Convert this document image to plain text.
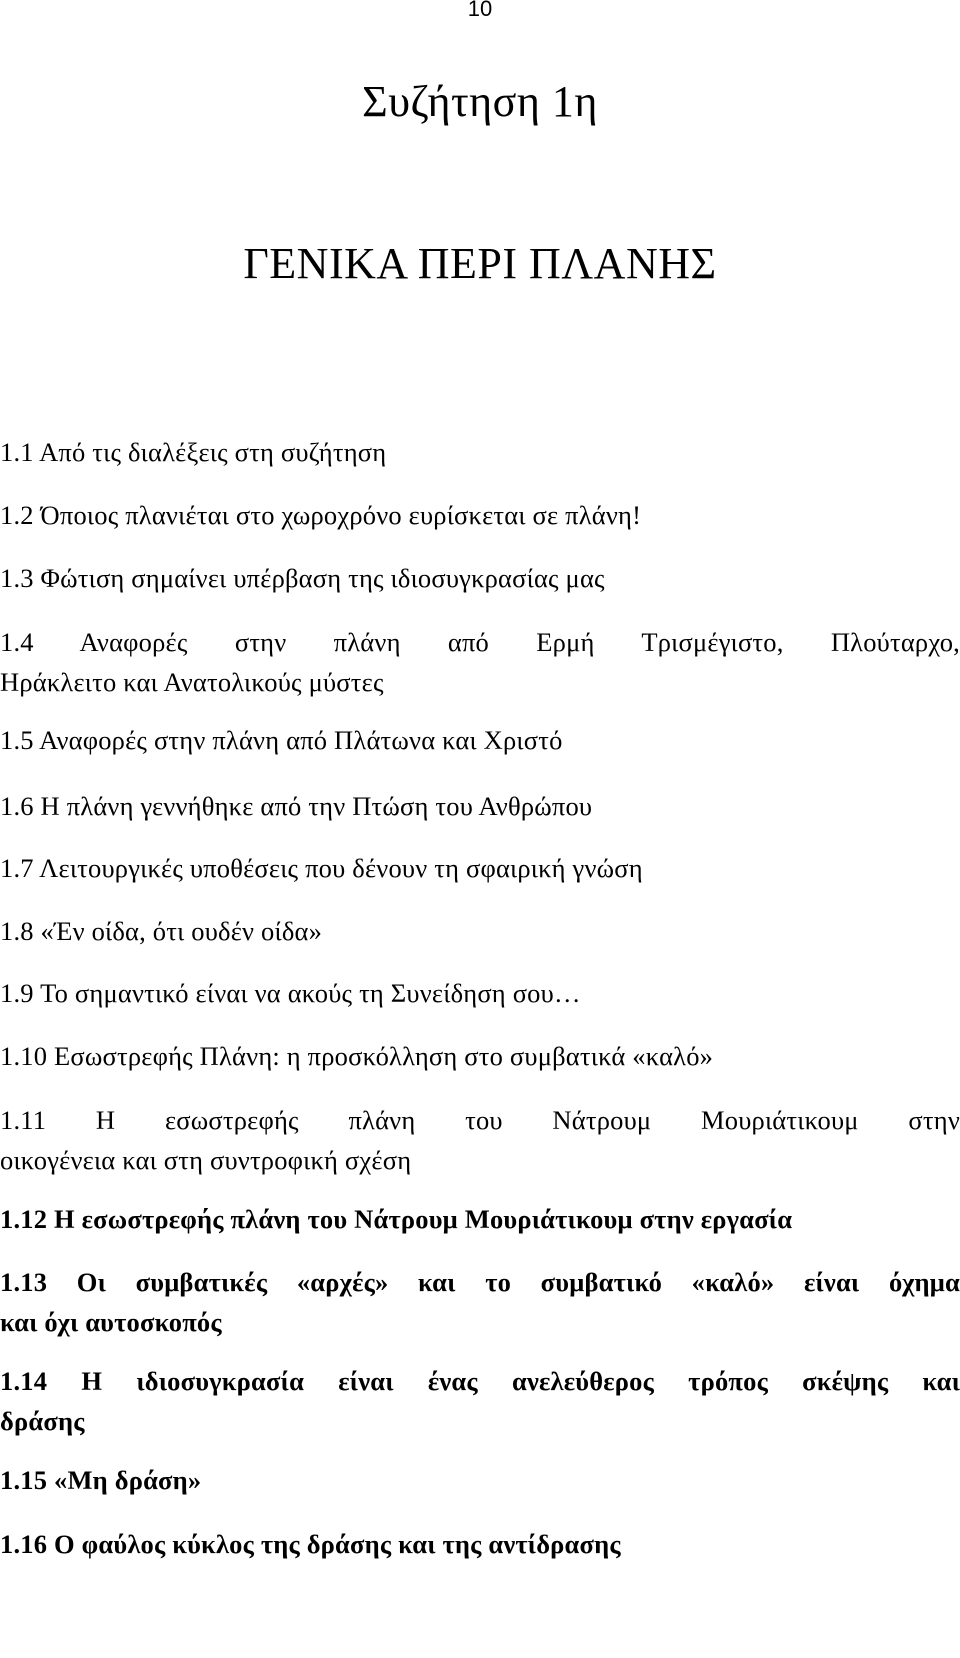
10
Συζήτηση 1η
ΓΕΝΙΚΑ ΠΕΡΙ ΠΛΑΝΗΣ
1.1 Από τις διαλέξεις στη συζήτηση
1.2 Όποιος πλανιέται στο χωροχρόνο ευρίσκεται σε πλάνη!
1.3 Φώτιση σημαίνει υπέρβαση της ιδιοσυγκρασίας μας
1.4 Αναφορές στην πλάνη από Ερμή Τρισμέγιστο, Πλούταρχο,
Ηράκλειτο και Ανατολικούς μύστες
1.5 Αναφορές στην πλάνη από Πλάτωνα και Χριστό
1.6 Η πλάνη γεννήθηκε από την Πτώση του Ανθρώπου
1.7 Λειτουργικές υποθέσεις που δένουν τη σφαιρική γνώση
1.8 «Έν οίδα, ότι ουδέν οίδα»
1.9 Το σημαντικό είναι να ακούς τη Συνείδηση σου…
1.10 Εσωστρεφής Πλάνη: η προσκόλληση στο συμβατικά «καλό»
1.11 Η εσωστρεφής πλάνη του Νάτρουμ Μουριάτικουμ στην
οικογένεια και στη συντροφική σχέση
1.12 Η εσωστρεφής πλάνη του Νάτρουμ Μουριάτικουμ στην εργασία
1.13 Οι συμβατικές «αρχές» και το συμβατικό «καλό» είναι όχημα
και όχι αυτοσκοπός
1.14 Η ιδιοσυγκρασία είναι ένας ανελεύθερος τρόπος σκέψης και
δράσης
1.15 «Μη δράση»
1.16 Ο φαύλος κύκλος της δράσης και της αντίδρασης
